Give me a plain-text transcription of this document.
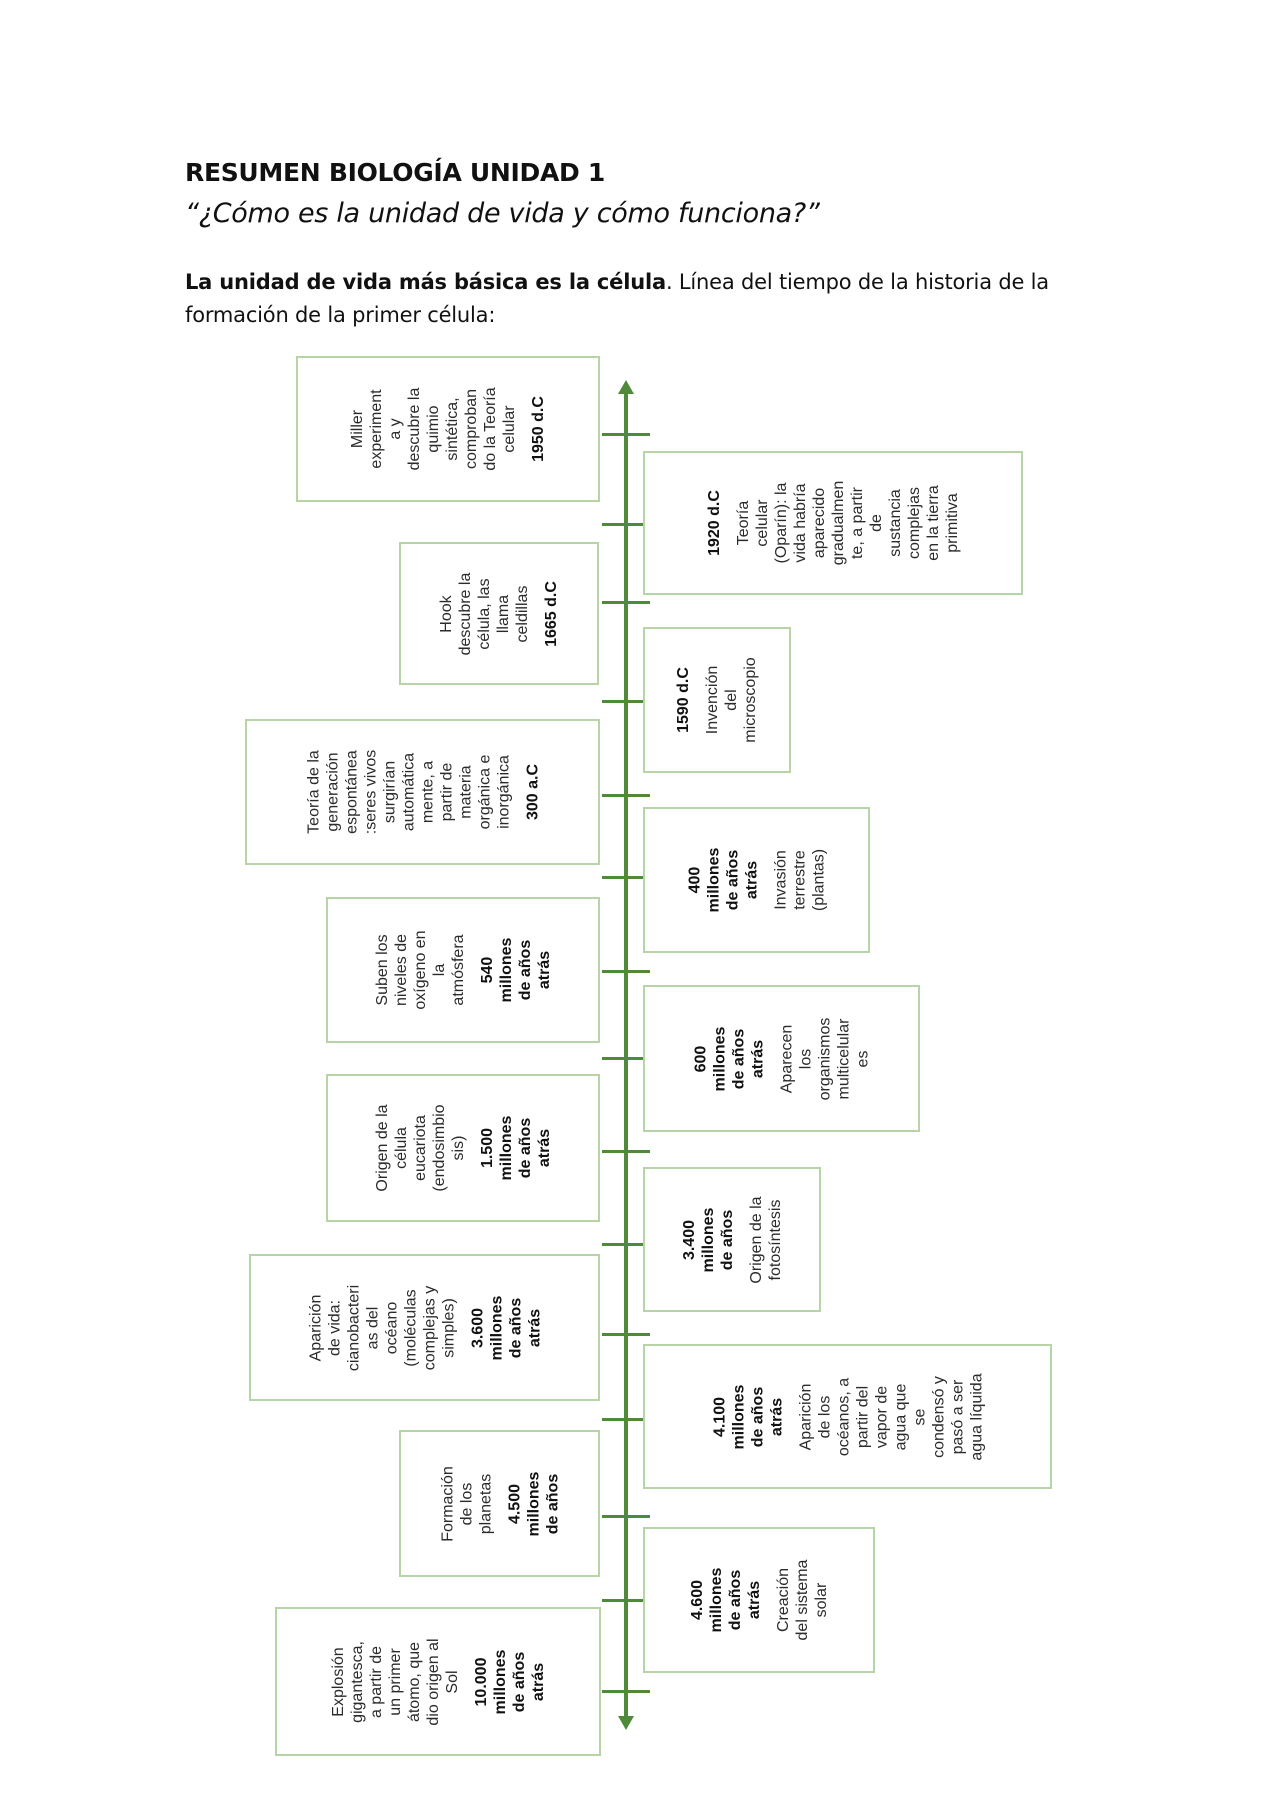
RESUMEN BIOLOGÍA UNIDAD 1
“¿Cómo es la unidad de vida y cómo funciona?”
La unidad de vida más básica es la célula. Línea del tiempo de la historia de la formación de la primer célula:
Miller experiment a y descubre la quimio sintética, comproban do la Teoría celular 1950 d.C
Hook descubre la célula, las llama celdillas 1665 d.C
Teoría de la generación espontánea :seres vivos surgirían automática mente, a partir de materia orgánica e inorgánica 300 a.C
Suben los niveles de oxígeno en la atmósfera 540 millones de años atrás
Origen de la célula eucariota (endosimbio sis) 1.500 millones de años atrás
Aparición de vida: cianobacteri as del océano (moléculas complejas y simples) 3.600 millones de años atrás
Formación de los planetas 4.500 millones de años
Explosión gigantesca, a partir de un primer átomo, que dio origen al Sol 10.000 millones de años atrás
1920 d.C Teoría celular (Oparín): la vida habría aparecido gradualmen te, a partir de sustancia complejas en la tierra primitiva
1590 d.C Invención del microscopio
400 millones de años atrás Invasión terrestre (plantas)
600 millones de años atrás Aparecen los organismos multicelular es
3.400 millones de años Origen de la fotosíntesis
4.100 millones de años atrás Aparición de los océanos, a partir del vapor de agua que se condensó y pasó a ser agua líquida
4.600 millones de años atrás Creación del sistema solar
